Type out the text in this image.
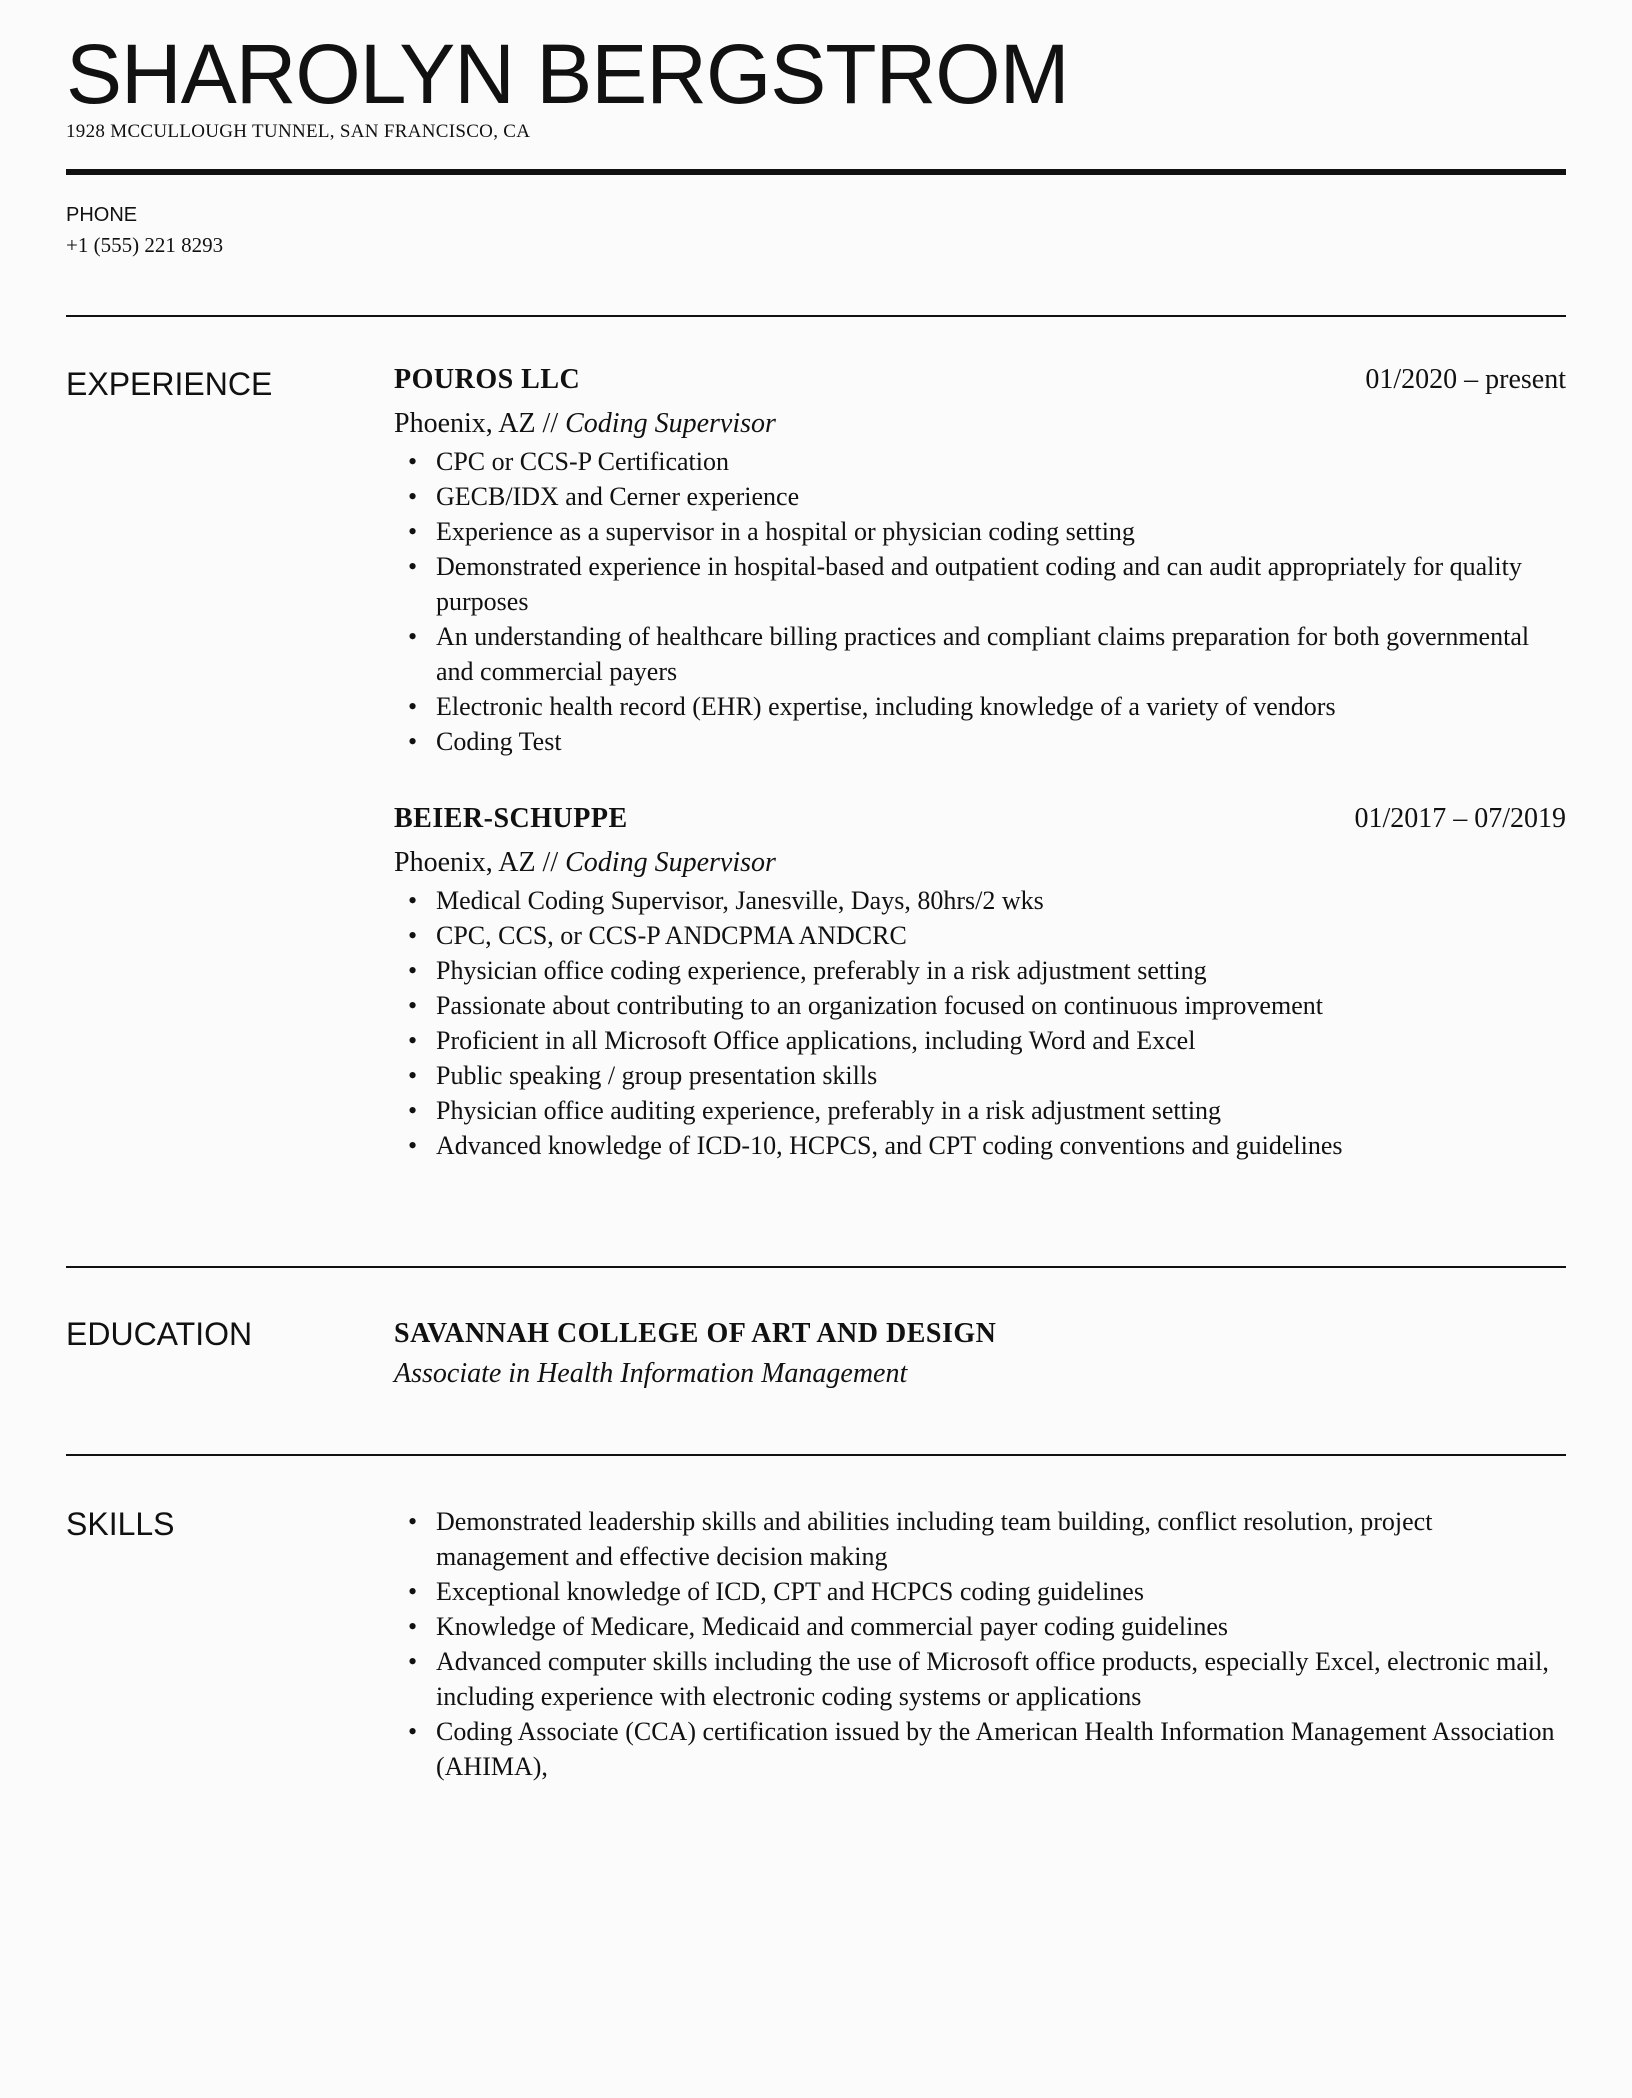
SHAROLYN BERGSTROM
1928 MCCULLOUGH TUNNEL, SAN FRANCISCO, CA
PHONE
+1 (555) 221 8293
EXPERIENCE	POUROS LLC	01/2020 – present
Phoenix, AZ // Coding Supervisor
• CPC or CCS-P Certification
• GECB/IDX and Cerner experience
• Experience as a supervisor in a hospital or physician coding setting
• Demonstrated experience in hospital-based and outpatient coding and can audit appropriately for quality purposes
• An understanding of healthcare billing practices and compliant claims preparation for both governmental and commercial payers
• Electronic health record (EHR) expertise, including knowledge of a variety of vendors
• Coding Test
BEIER-SCHUPPE	01/2017 – 07/2019
Phoenix, AZ // Coding Supervisor
• Medical Coding Supervisor, Janesville, Days, 80hrs/2 wks
• CPC, CCS, or CCS-P ANDCPMA ANDCRC
• Physician office coding experience, preferably in a risk adjustment setting
• Passionate about contributing to an organization focused on continuous improvement
• Proficient in all Microsoft Office applications, including Word and Excel
• Public speaking / group presentation skills
• Physician office auditing experience, preferably in a risk adjustment setting
• Advanced knowledge of ICD-10, HCPCS, and CPT coding conventions and guidelines
EDUCATION	SAVANNAH COLLEGE OF ART AND DESIGN
Associate in Health Information Management
SKILLS
•	Demonstrated leadership skills and abilities including team building, conflict resolution, project management and effective decision making
• Exceptional knowledge of ICD, CPT and HCPCS coding guidelines
• Knowledge of Medicare, Medicaid and commercial payer coding guidelines
• Advanced computer skills including the use of Microsoft office products, especially Excel, electronic mail, including experience with electronic coding systems or applications
• Coding Associate (CCA) certification issued by the American Health Information Management Association (AHIMA),
